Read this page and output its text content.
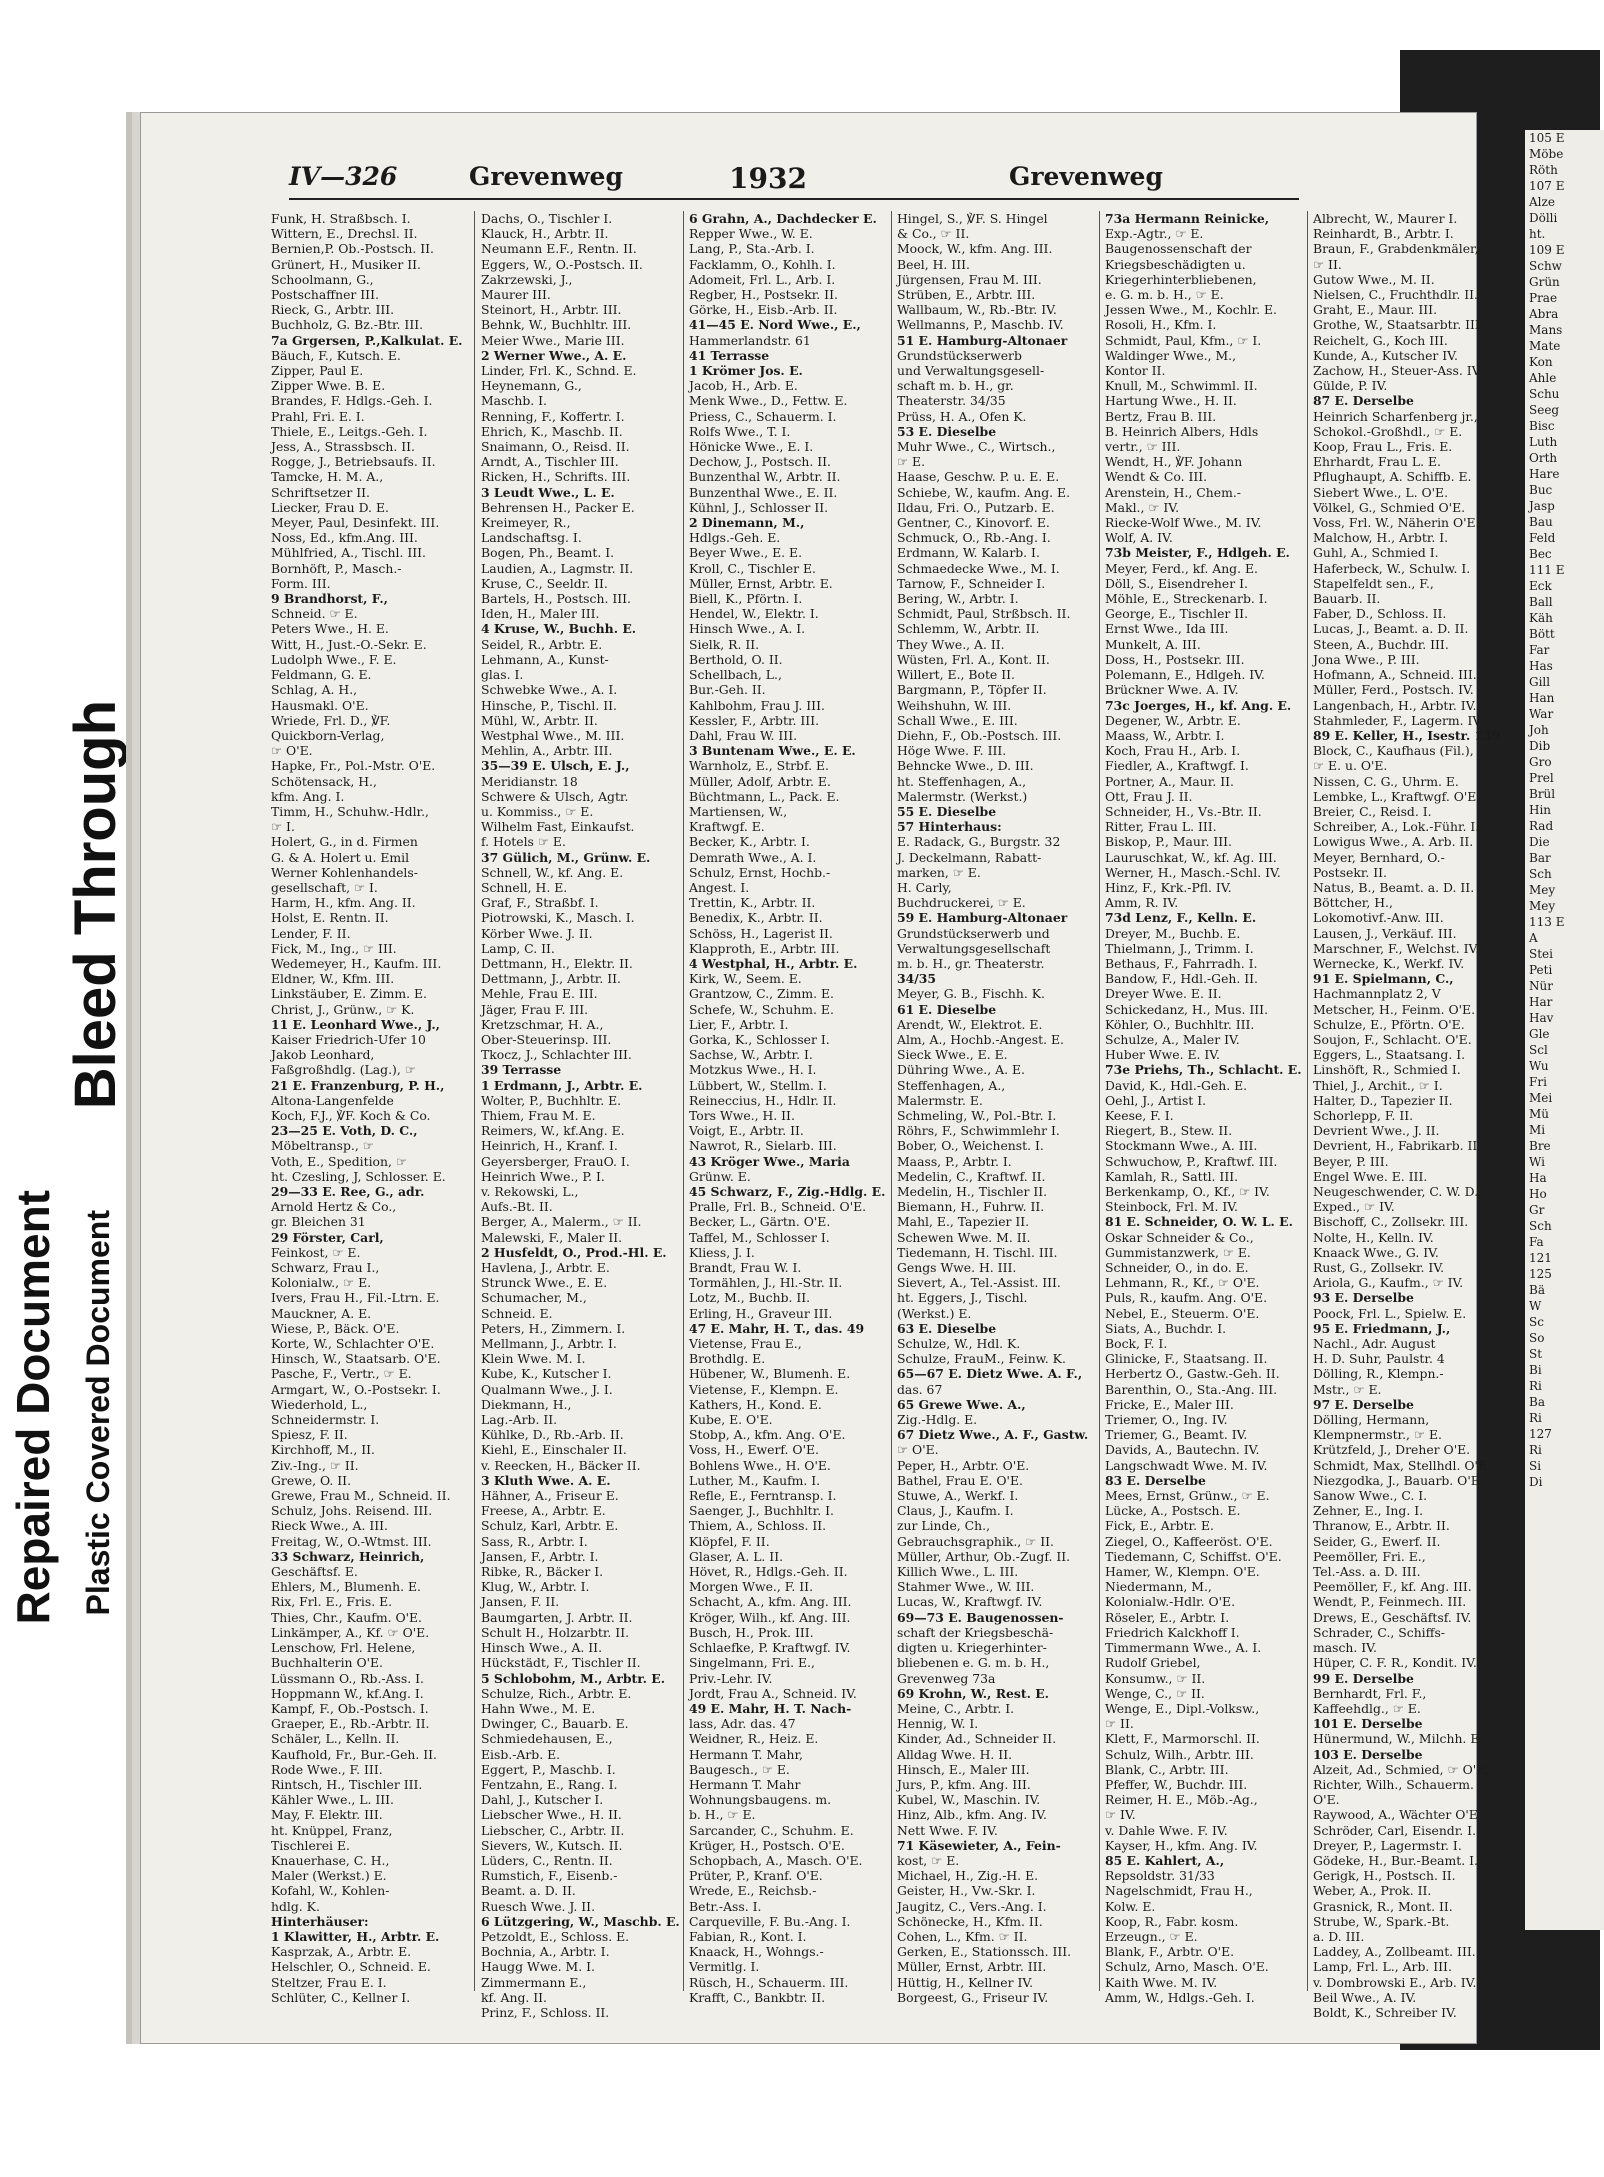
Repaired Document Plastic Covered Document
Bleed Through
IV—326	Grevenweg	1932	Grevenweg
Funk, H. Straßbsch. I.
Wittern, E., Drechsl. II.
Bernien,P. Ob.-Postsch. II.
Grünert, H., Musiker II.
Schoolmann, G.,
Postschaffner III.
Rieck, G., Arbtr. III.
Buchholz, G. Bz.-Btr. III.
7a Grgersen, P.,Kalkulat. E.
Bäuch, F., Kutsch. E.
Zipper, Paul E.
Zipper Wwe. B. E.
Brandes, F. Hdlgs.-Geh. I.
Prahl, Fri. E. I.
Thiele, E., Leitgs.-Geh. I.
Jess, A., Strassbsch. II.
Rogge, J., Betriebsaufs. II.
Tamcke, H. M. A.,
Schriftsetzer II.
Liecker, Frau D. E.
Meyer, Paul, Desinfekt. III.
Noss, Ed., kfm.Ang. III.
Mühlfried, A., Tischl. III.
Bornhöft, P., Masch.-
Form. III.
9 Brandhorst, F.,
Schneid. ☞ E.
Peters Wwe., H. E.
Witt, H., Just.-O.-Sekr. E.
Ludolph Wwe., F. E.
Feldmann, G. E.
Schlag, A. H.,
Hausmakl. O'E.
Wriede, Frl. D., ℣F.
Quickborn-Verlag,
☞ O'E.
Hapke, Fr., Pol.-Mstr. O'E.
Schötensack, H.,
kfm. Ang. I.
Timm, H., Schuhw.-Hdlr.,
☞ I.
Holert, G., in d. Firmen
G. & A. Holert u. Emil
Werner Kohlenhandels-
gesellschaft, ☞ I.
Harm, H., kfm. Ang. II.
Holst, E. Rentn. II.
Lender, F. II.
Fick, M., Ing., ☞ III.
Wedemeyer, H., Kaufm. III.
Eldner, W., Kfm. III.
Linkstäuber, E. Zimm. E.
Christ, J., Grünw., ☞ K.
11 E. Leonhard Wwe., J.,
Kaiser Friedrich-Ufer 10
Jakob Leonhard,
Faßgroßhdlg. (Lag.), ☞
21 E. Franzenburg, P. H.,
Altona-Langenfelde
Koch, F.J., ℣F. Koch & Co.
23—25 E. Voth, D. C.,
Möbeltransp., ☞
Voth, E., Spedition, ☞
ht. Czesling, J, Schlosser. E.
29—33 E. Ree, G., adr.
Arnold Hertz & Co.,
gr. Bleichen 31
29 Förster, Carl,
Feinkost, ☞ E.
Schwarz, Frau I.,
Kolonialw., ☞ E.
Ivers, Frau H., Fil.-Ltrn. E.
Mauckner, A. E.
Wiese, P., Bäck. O'E.
Korte, W., Schlachter O'E.
Hinsch, W., Staatsarb. O'E.
Pasche, F., Vertr., ☞ E.
Armgart, W., O.-Postsekr. I.
Wiederhold, L.,
Schneidermstr. I.
Spiesz, F. II.
Kirchhoff, M., II.
Ziv.-Ing., ☞ II.
Grewe, O. II.
Grewe, Frau M., Schneid. II.
Schulz, Johs. Reisend. III.
Rieck Wwe., A. III.
Freitag, W., O.-Wtmst. III.
33 Schwarz, Heinrich,
Geschäftsf. E.
Ehlers, M., Blumenh. E.
Rix, Frl. E., Fris. E.
Thies, Chr., Kaufm. O'E.
Linkämper, A., Kf. ☞ O'E.
Lenschow, Frl. Helene,
Buchhalterin O'E.
Lüssmann O., Rb.-Ass. I.
Hoppmann W., kf.Ang. I.
Kampf, F., Ob.-Postsch. I.
Graeper, E., Rb.-Arbtr. II.
Schäler, L., Kelln. II.
Kaufhold, Fr., Bur.-Geh. II.
Rode Wwe., F. III.
Rintsch, H., Tischler III.
Kähler Wwe., L. III.
May, F. Elektr. III.
ht. Knüppel, Franz,
Tischlerei E.
Knauerhase, C. H.,
Maler (Werkst.) E.
Kofahl, W., Kohlen-
hdlg. K.
Hinterhäuser:
1 Klawitter, H., Arbtr. E.
Kasprzak, A., Arbtr. E.
Helschler, O., Schneid. E.
Steltzer, Frau E. I.
Schlüter, C., Kellner I.
Dachs, O., Tischler I.
Klauck, H., Arbtr. II.
Neumann E.F., Rentn. II.
Eggers, W., O.-Postsch. II.
Zakrzewski, J.,
Maurer III.
Steinort, H., Arbtr. III.
Behnk, W., Buchhltr. III.
Meier Wwe., Marie III.
2 Werner Wwe., A. E.
Linder, Frl. K., Schnd. E.
Heynemann, G.,
Maschb. I.
Renning, F., Koffertr. I.
Ehrich, K., Maschb. II.
Snaimann, O., Reisd. II.
Arndt, A., Tischler III.
Ricken, H., Schrifts. III.
3 Leudt Wwe., L. E.
Behrensen H., Packer E.
Kreimeyer, R.,
Landschaftsg. I.
Bogen, Ph., Beamt. I.
Laudien, A., Lagmstr. II.
Kruse, C., Seeldr. II.
Bartels, H., Postsch. III.
Iden, H., Maler III.
4 Kruse, W., Buchh. E.
Seidel, R., Arbtr. E.
Lehmann, A., Kunst-
glas. I.
Schwebke Wwe., A. I.
Hinsche, P., Tischl. II.
Mühl, W., Arbtr. II.
Westphal Wwe., M. III.
Mehlin, A., Arbtr. III.
35—39 E. Ulsch, E. J.,
Meridianstr. 18
Schwere & Ulsch, Agtr.
u. Kommiss., ☞ E.
Wilhelm Fast, Einkaufst.
f. Hotels ☞ E.
37 Gülich, M., Grünw. E.
Schnell, W., kf. Ang. E.
Schnell, H. E.
Graf, F., Straßbf. I.
Piotrowski, K., Masch. I.
Körber Wwe. J. II.
Lamp, C. II.
Dettmann, H., Elektr. II.
Dettmann, J., Arbtr. II.
Mehle, Frau E. III.
Jäger, Frau F. III.
Kretzschmar, H. A.,
Ober-Steuerinsp. III.
Tkocz, J., Schlachter III.
39 Terrasse
1 Erdmann, J., Arbtr. E.
Wolter, P., Buchhltr. E.
Thiem, Frau M. E.
Reimers, W., kf.Ang. E.
Heinrich, H., Kranf. I.
Geyersberger, FrauO. I.
Heinrich Wwe., P. I.
v. Rekowski, L.,
Aufs.-Bt. II.
Berger, A., Malerm., ☞ II.
Malewski, F., Maler II.
2 Husfeldt, O., Prod.-Hl. E.
Havlena, J., Arbtr. E.
Strunck Wwe., E. E.
Schumacher, M.,
Schneid. E.
Peters, H., Zimmern. I.
Mellmann, J., Arbtr. I.
Klein Wwe. M. I.
Kube, K., Kutscher I.
Qualmann Wwe., J. I.
Diekmann, H.,
Lag.-Arb. II.
Kühlke, D., Rb.-Arb. II.
Kiehl, E., Einschaler II.
v. Reecken, H., Bäcker II.
3 Kluth Wwe. A. E.
Hähner, A., Friseur E.
Freese, A., Arbtr. E.
Schulz, Karl, Arbtr. E.
Sass, R., Arbtr. I.
Jansen, F., Arbtr. I.
Ribke, R., Bäcker I.
Klug, W., Arbtr. I.
Jansen, F. II.
Baumgarten, J. Arbtr. II.
Schult H., Holzarbtr. II.
Hinsch Wwe., A. II.
Hückstädt, F., Tischler II.
5 Schlobohm, M., Arbtr. E.
Schulze, Rich., Arbtr. E.
Hahn Wwe., M. E.
Dwinger, C., Bauarb. E.
Schmiedehausen, E.,
Eisb.-Arb. E.
Eggert, P., Maschb. I.
Fentzahn, E., Rang. I.
Dahl, J., Kutscher I.
Liebscher Wwe., H. II.
Liebscher, C., Arbtr. II.
Sievers, W., Kutsch. II.
Lüders, C., Rentn. II.
Rumstich, F., Eisenb.-
Beamt. a. D. II.
Ruesch Wwe. J. II.
6 Lützgering, W., Maschb. E.
Petzoldt, E., Schloss. E.
Bochnia, A., Arbtr. I.
Haugg Wwe. M. I.
Zimmermann E.,
kf. Ang. II.
Prinz, F., Schloss. II.
6 Grahn, A., Dachdecker E.
Repper Wwe., W. E.
Lang, P., Sta.-Arb. I.
Facklamm, O., Kohlh. I.
Adomeit, Frl. L., Arb. I.
Regber, H., Postsekr. II.
Görke, H., Eisb.-Arb. II.
41—45 E. Nord Wwe., E.,
Hammerlandstr. 61
41 Terrasse
1 Krömer Jos. E.
Jacob, H., Arb. E.
Menk Wwe., D., Fettw. E.
Priess, C., Schauerm. I.
Rolfs Wwe., T. I.
Hönicke Wwe., E. I.
Dechow, J., Postsch. II.
Bunzenthal W., Arbtr. II.
Bunzenthal Wwe., E. II.
Kühnl, J., Schlosser II.
2 Dinemann, M.,
Hdlgs.-Geh. E.
Beyer Wwe., E. E.
Kroll, C., Tischler E.
Müller, Ernst, Arbtr. E.
Biell, K., Pförtn. I.
Hendel, W., Elektr. I.
Hinsch Wwe., A. I.
Sielk, R. II.
Berthold, O. II.
Schellbach, L.,
Bur.-Geh. II.
Kahlbohm, Frau J. III.
Kessler, F., Arbtr. III.
Dahl, Frau W. III.
3 Buntenam Wwe., E. E.
Warnholz, E., Strbf. E.
Müller, Adolf, Arbtr. E.
Büchtmann, L., Pack. E.
Martiensen, W.,
Kraftwgf. E.
Becker, K., Arbtr. I.
Demrath Wwe., A. I.
Schulz, Ernst, Hochb.-
Angest. I.
Trettin, K., Arbtr. II.
Benedix, K., Arbtr. II.
Schöss, H., Lagerist II.
Klapproth, E., Arbtr. III.
4 Westphal, H., Arbtr. E.
Kirk, W., Seem. E.
Grantzow, C., Zimm. E.
Schefe, W., Schuhm. E.
Lier, F., Arbtr. I.
Gorka, K., Schlosser I.
Sachse, W., Arbtr. I.
Motzkus Wwe., H. I.
Lübbert, W., Stellm. I.
Reineccius, H., Hdlr. II.
Tors Wwe., H. II.
Voigt, E., Arbtr. II.
Nawrot, R., Sielarb. III.
43 Kröger Wwe., Maria
Grünw. E.
45 Schwarz, F., Zig.-Hdlg. E.
Pralle, Frl. B., Schneid. O'E.
Becker, L., Gärtn. O'E.
Taffel, M., Schlosser I.
Kliess, J. I.
Brandt, Frau W. I.
Tormählen, J., Hl.-Str. II.
Lotz, M., Buchb. II.
Erling, H., Graveur III.
47 E. Mahr, H. T., das. 49
Vietense, Frau E.,
Brothdlg. E.
Hübener, W., Blumenh. E.
Vietense, F., Klempn. E.
Kathers, H., Kond. E.
Kube, E. O'E.
Stobp, A., kfm. Ang. O'E.
Voss, H., Ewerf. O'E.
Bohlens Wwe., H. O'E.
Luther, M., Kaufm. I.
Refle, E., Ferntransp. I.
Saenger, J., Buchhltr. I.
Thiem, A., Schloss. II.
Klöpfel, F. II.
Glaser, A. L. II.
Hövet, R., Hdlgs.-Geh. II.
Morgen Wwe., F. II.
Schacht, A., kfm. Ang. III.
Kröger, Wilh., kf. Ang. III.
Busch, H., Prok. III.
Schlaefke, P. Kraftwgf. IV.
Singelmann, Fri. E.,
Priv.-Lehr. IV.
Jordt, Frau A., Schneid. IV.
49 E. Mahr, H. T. Nach-
lass, Adr. das. 47
Weidner, R., Heiz. E.
Hermann T. Mahr,
Baugesch., ☞ E.
Hermann T. Mahr
Wohnungsbaugens. m.
b. H., ☞ E.
Sarcander, C., Schuhm. E.
Krüger, H., Postsch. O'E.
Schopbach, A., Masch. O'E.
Prüter, P., Kranf. O'E.
Wrede, E., Reichsb.-
Betr.-Ass. I.
Carqueville, F. Bu.-Ang. I.
Fabian, R., Kont. I.
Knaack, H., Wohngs.-
Vermitlg. I.
Rüsch, H., Schauerm. III.
Krafft, C., Bankbtr. II.
Hingel, S., ℣F. S. Hingel
& Co., ☞ II.
Moock, W., kfm. Ang. III.
Beel, H. III.
Jürgensen, Frau M. III.
Strüben, E., Arbtr. III.
Wallbaum, W., Rb.-Btr. IV.
Wellmanns, P., Maschb. IV.
51 E. Hamburg-Altonaer
Grundstückserwerb
und Verwaltungsgesell-
schaft m. b. H., gr.
Theaterstr. 34/35
Prüss, H. A., Ofen K.
53 E. Dieselbe
Muhr Wwe., C., Wirtsch.,
☞ E.
Haase, Geschw. P. u. E. E.
Schiebe, W., kaufm. Ang. E.
Ildau, Fri. O., Putzarb. E.
Gentner, C., Kinovorf. E.
Schmuck, O., Rb.-Ang. I.
Erdmann, W. Kalarb. I.
Schmaedecke Wwe., M. I.
Tarnow, F., Schneider I.
Bering, W., Arbtr. I.
Schmidt, Paul, Strßbsch. II.
Schlemm, W., Arbtr. II.
They Wwe., A. II.
Wüsten, Frl. A., Kont. II.
Willert, E., Bote II.
Bargmann, P., Töpfer II.
Weihshuhn, W. III.
Schall Wwe., E. III.
Diehn, F., Ob.-Postsch. III.
Höge Wwe. F. III.
Behncke Wwe., D. III.
ht. Steffenhagen, A.,
Malermstr. (Werkst.)
55 E. Dieselbe
57 Hinterhaus:
E. Radack, G., Burgstr. 32
J. Deckelmann, Rabatt-
marken, ☞ E.
H. Carly,
Buchdruckerei, ☞ E.
59 E. Hamburg-Altonaer
Grundstückserwerb und
Verwaltungsgesellschaft
m. b. H., gr. Theaterstr.
34/35
Meyer, G. B., Fischh. K.
61 E. Dieselbe
Arendt, W., Elektrot. E.
Alm, A., Hochb.-Angest. E.
Sieck Wwe., E. E.
Dühring Wwe., A. E.
Steffenhagen, A.,
Malermstr. E.
Schmeling, W., Pol.-Btr. I.
Röhrs, F., Schwimmlehr I.
Bober, O., Weichenst. I.
Maass, P., Arbtr. I.
Medelin, C., Kraftwf. II.
Medelin, H., Tischler II.
Biemann, H., Fuhrw. II.
Mahl, E., Tapezier II.
Schewen Wwe. M. II.
Tiedemann, H. Tischl. III.
Gengs Wwe. H. III.
Sievert, A., Tel.-Assist. III.
ht. Eggers, J., Tischl.
(Werkst.) E.
63 E. Dieselbe
Schulze, W., Hdl. K.
Schulze, FrauM., Feinw. K.
65—67 E. Dietz Wwe. A. F.,
das. 67
65 Grewe Wwe. A.,
Zig.-Hdlg. E.
67 Dietz Wwe., A. F., Gastw.
☞ O'E.
Peper, H., Arbtr. O'E.
Bathel, Frau E. O'E.
Stuwe, A., Werkf. I.
Claus, J., Kaufm. I.
zur Linde, Ch.,
Gebrauchsgraphik., ☞ II.
Müller, Arthur, Ob.-Zugf. II.
Killich Wwe., L. III.
Stahmer Wwe., W. III.
Lucas, W., Kraftwgf. IV.
69—73 E. Baugenossen-
schaft der Kriegsbeschä-
digten u. Kriegerhinter-
bliebenen e. G. m. b. H.,
Grevenweg 73a
69 Krohn, W., Rest. E.
Meine, C., Arbtr. I.
Hennig, W. I.
Kinder, Ad., Schneider II.
Alldag Wwe. H. II.
Hinsch, E., Maler III.
Jurs, P., kfm. Ang. III.
Kubel, W., Maschin. IV.
Hinz, Alb., kfm. Ang. IV.
Nett Wwe. F. IV.
71 Käsewieter, A., Fein-
kost, ☞ E.
Michael, H., Zig.-H. E.
Geister, H., Vw.-Skr. I.
Jaugitz, C., Vers.-Ang. I.
Schönecke, H., Kfm. II.
Cohen, L., Kfm. ☞ II.
Gerken, E., Stationssch. III.
Müller, Ernst, Arbtr. III.
Hüttig, H., Kellner IV.
Borgeest, G., Friseur IV.
73a Hermann Reinicke,
Exp.-Agtr., ☞ E.
Baugenossenschaft der
Kriegsbeschädigten u.
Kriegerhinterbliebenen,
e. G. m. b. H., ☞ E.
Jessen Wwe., M., Kochlr. E.
Rosoli, H., Kfm. I.
Schmidt, Paul, Kfm., ☞ I.
Waldinger Wwe., M.,
Kontor II.
Knull, M., Schwimml. II.
Hartung Wwe., H. II.
Bertz, Frau B. III.
B. Heinrich Albers, Hdls
vertr., ☞ III.
Wendt, H., ℣F. Johann
Wendt & Co. III.
Arenstein, H., Chem.-
Makl., ☞ IV.
Riecke-Wolf Wwe., M. IV.
Wolf, A. IV.
73b Meister, F., Hdlgeh. E.
Meyer, Ferd., kf. Ang. E.
Döll, S., Eisendreher I.
Möhle, E., Streckenarb. I.
George, E., Tischler II.
Ernst Wwe., Ida III.
Munkelt, A. III.
Doss, H., Postsekr. III.
Polemann, E., Hdlgeh. IV.
Brückner Wwe. A. IV.
73c Joerges, H., kf. Ang. E.
Degener, W., Arbtr. E.
Maass, W., Arbtr. I.
Koch, Frau H., Arb. I.
Fiedler, A., Kraftwgf. I.
Portner, A., Maur. II.
Ott, Frau J. II.
Schneider, H., Vs.-Btr. II.
Ritter, Frau L. III.
Biskop, P., Maur. III.
Lauruschkat, W., kf. Ag. III.
Werner, H., Masch.-Schl. IV.
Hinz, F., Krk.-Pfl. IV.
Amm, R. IV.
73d Lenz, F., Kelln. E.
Dreyer, M., Buchb. E.
Thielmann, J., Trimm. I.
Bethaus, F., Fahrradh. I.
Bandow, F., Hdl.-Geh. II.
Dreyer Wwe. E. II.
Schickedanz, H., Mus. III.
Köhler, O., Buchhltr. III.
Schulze, A., Maler IV.
Huber Wwe. E. IV.
73e Priehs, Th., Schlacht. E.
David, K., Hdl.-Geh. E.
Oehl, J., Artist I.
Keese, F. I.
Riegert, B., Stew. II.
Stockmann Wwe., A. III.
Schwuchow, P., Kraftwf. III.
Kamlah, R., Sattl. III.
Berkenkamp, O., Kf., ☞ IV.
Steinbock, Frl. M. IV.
81 E. Schneider, O. W. L. E.
Oskar Schneider & Co.,
Gummistanzwerk, ☞ E.
Schneider, O., in do. E.
Lehmann, R., Kf., ☞ O'E.
Puls, R., kaufm. Ang. O'E.
Nebel, E., Steuerm. O'E.
Siats, A., Buchdr. I.
Bock, F. I.
Glinicke, F., Staatsang. II.
Herbertz O., Gastw.-Geh. II.
Barenthin, O., Sta.-Ang. III.
Fricke, E., Maler III.
Triemer, O., Ing. IV.
Triemer, G., Beamt. IV.
Davids, A., Bautechn. IV.
Langschwadt Wwe. M. IV.
83 E. Derselbe
Mees, Ernst, Grünw., ☞ E.
Lücke, A., Postsch. E.
Fick, E., Arbtr. E.
Ziegel, O., Kaffeeröst. O'E.
Tiedemann, C, Schiffst. O'E.
Hamer, W., Klempn. O'E.
Niedermann, M.,
Kolonialw.-Hdlr. O'E.
Röseler, E., Arbtr. I.
Friedrich Kalckhoff I.
Timmermann Wwe., A. I.
Rudolf Griebel,
Konsumw., ☞ II.
Wenge, C., ☞ II.
Wenge, E., Dipl.-Volksw.,
☞ II.
Klett, F., Marmorschl. II.
Schulz, Wilh., Arbtr. III.
Blank, C., Arbtr. III.
Pfeffer, W., Buchdr. III.
Reimer, H. E., Möb.-Ag.,
☞ IV.
v. Dahle Wwe. F. IV.
Kayser, H., kfm. Ang. IV.
85 E. Kahlert, A.,
Repsoldstr. 31/33
Nagelschmidt, Frau H.,
Kolw. E.
Koop, R., Fabr. kosm.
Erzeugn., ☞ E.
Blank, F., Arbtr. O'E.
Schulz, Arno, Masch. O'E.
Kaith Wwe. M. IV.
Amm, W., Hdlgs.-Geh. I.
Albrecht, W., Maurer I.
Reinhardt, B., Arbtr. I.
Braun, F., Grabdenkmäler,
☞ II.
Gutow Wwe., M. II.
Nielsen, C., Fruchthdlr. II.
Graht, E., Maur. III.
Grothe, W., Staatsarbtr. III.
Reichelt, G., Koch III.
Kunde, A., Kutscher IV.
Zachow, H., Steuer-Ass. IV.
Gülde, P. IV.
87 E. Derselbe
Heinrich Scharfenberg jr.,
Schokol.-Großhdl., ☞ E.
Koop, Frau L., Fris. E.
Ehrhardt, Frau L. E.
Pflughaupt, A. Schiffb. E.
Siebert Wwe., L. O'E.
Völkel, G., Schmied O'E.
Voss, Frl. W., Näherin O'E.
Malchow, H., Arbtr. I.
Guhl, A., Schmied I.
Haferbeck, W., Schulw. I.
Stapelfeldt sen., F.,
Bauarb. II.
Faber, D., Schloss. II.
Lucas, J., Beamt. a. D. II.
Steen, A., Buchdr. III.
Jona Wwe., P. III.
Hofmann, A., Schneid. III.
Müller, Ferd., Postsch. IV.
Langenbach, H., Arbtr. IV.
Stahmleder, F., Lagerm. IV.
89 E. Keller, H., Isestr. 139
Block, C., Kaufhaus (Fil.),
☞ E. u. O'E.
Nissen, C. G., Uhrm. E.
Lembke, L., Kraftwgf. O'E.
Breier, C., Reisd. I.
Schreiber, A., Lok.-Führ. I.
Lowigus Wwe., A. Arb. II.
Meyer, Bernhard, O.-
Postsekr. II.
Natus, B., Beamt. a. D. II.
Böttcher, H.,
Lokomotivf.-Anw. III.
Lausen, J., Verkäuf. III.
Marschner, F., Welchst. IV.
Wernecke, K., Werkf. IV.
91 E. Spielmann, C.,
Hachmannplatz 2, V
Metscher, H., Feinm. O'E.
Schulze, E., Pförtn. O'E.
Soujon, F., Schlacht. O'E.
Eggers, L., Staatsang. I.
Linshöft, R., Schmied I.
Thiel, J., Archit., ☞ I.
Halter, D., Tapezier II.
Schorlepp, F. II.
Devrient Wwe., J. II.
Devrient, H., Fabrikarb. II.
Beyer, P. III.
Engel Wwe. E. III.
Neugeschwender, C. W. D.,
Exped., ☞ IV.
Bischoff, C., Zollsekr. III.
Nolte, H., Kelln. IV.
Knaack Wwe., G. IV.
Rust, G., Zollsekr. IV.
Ariola, G., Kaufm., ☞ IV.
93 E. Derselbe
Poock, Frl. L., Spielw. E.
95 E. Friedmann, J.,
Nachl., Adr. August
H. D. Suhr, Paulstr. 4
Dölling, R., Klempn.-
Mstr., ☞ E.
97 E. Derselbe
Dölling, Hermann,
Klempnermstr., ☞ E.
Krützfeld, J., Dreher O'E.
Schmidt, Max, Stellhdl. O'E.
Niezgodka, J., Bauarb. O'E.
Sanow Wwe., C. I.
Zehner, E., Ing. I.
Thranow, E., Arbtr. II.
Seider, G., Ewerf. II.
Peemöller, Fri. E.,
Tel.-Ass. a. D. III.
Peemöller, F., kf. Ang. III.
Wendt, P., Feinmech. III.
Drews, E., Geschäftsf. IV.
Schrader, C., Schiffs-
masch. IV.
Hüper, C. F. R., Kondit. IV.
99 E. Derselbe
Bernhardt, Frl. F.,
Kaffeehdlg., ☞ E.
101 E. Derselbe
Hünermund, W., Milchh. E.
103 E. Derselbe
Alzeit, Ad., Schmied, ☞ O'E.
Richter, Wilh., Schauerm.
O'E.
Raywood, A., Wächter O'E.
Schröder, Carl, Eisendr. I.
Dreyer, P., Lagermstr. I.
Gödeke, H., Bur.-Beamt. I.
Gerigk, H., Postsch. II.
Weber, A., Prok. II.
Grasnick, R., Mont. II.
Strube, W., Spark.-Bt.
a. D. III.
Laddey, A., Zollbeamt. III.
Lamp, Frl. L., Arb. III.
v. Dombrowski E., Arb. IV.
Beil Wwe., A. IV.
Boldt, K., Schreiber IV.
105 E
Möbe
Röth
107 E
Alze
Dölli
ht.
109 E
Schw
Grün
Prae
Abra
Mans
Mate
Kon
Ahle
Schu
Seeg
Bisc
Luth
Orth
Hare
Buc
Jasp
Bau
Feld
Bec
111 E
Eck
Ball
Käh
Bött
Far
Has
Gill
Han
War
Joh
Dib
Gro
Prel
Brül
Hin
Rad
Die
Bar
Sch
Mey
Mey
113 E
A
Stei
Peti
Nür
Har
Hav
Gle
Scl
Wu
Fri
Mei
Mü
Mi
Bre
Wi
Ha
Ho
Gr
Sch
Fa
121
125
Bä
W
Sc
So
St
Bi
Ri
Ba
Ri
127
Ri
Si
Di
